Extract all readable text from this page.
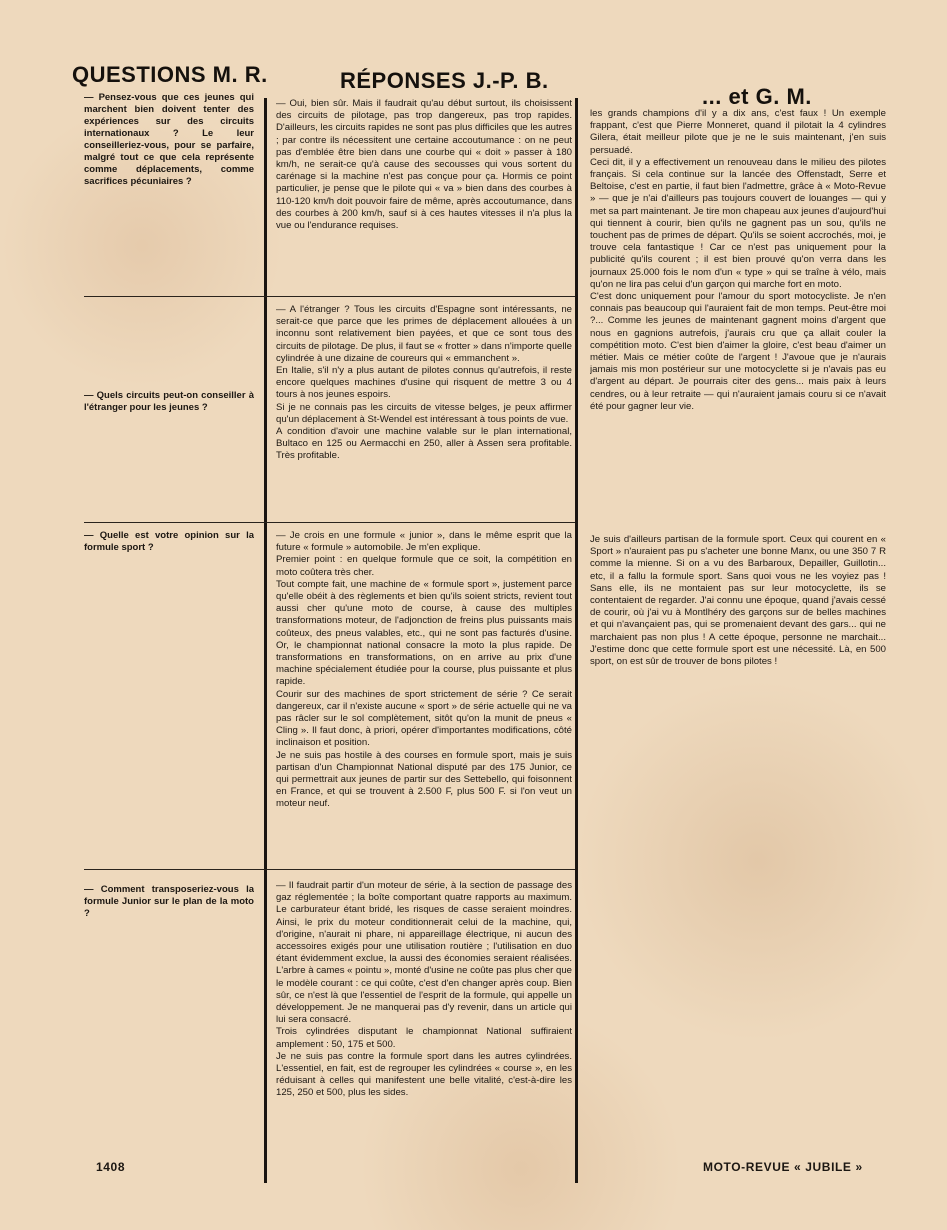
QUESTIONS M. R.	RÉPONSES J.-P. B.
... et G. M.
— Pensez-vous que ces jeunes qui marchent bien doivent tenter des expériences sur des circuits internationaux ? Le leur conseilleriez-vous, pour se parfaire, malgré tout ce que cela représente comme déplacements, comme sacrifices pécuniaires ?
— Quels circuits peut-on conseiller à l'étranger pour les jeunes ?
— Quelle est votre opinion sur la formule sport ?
— Comment transposeriez-vous la formule Junior sur le plan de la moto ?
— Oui, bien sûr. Mais il faudrait qu'au début surtout, ils choisissent des circuits de pilotage, pas trop dangereux, pas trop rapides. D'ailleurs, les circuits rapides ne sont pas plus difficiles que les autres ; par contre ils nécessitent une certaine accoutumance : on ne peut pas d'emblée être bien dans une courbe qui « doit » passer à 180 km/h, ne serait-ce qu'à cause des secousses qui vous sortent du carénage si la machine n'est pas conçue pour ça. Hormis ce point particulier, je pense que le pilote qui « va » bien dans des courbes à 110-120 km/h doit pouvoir faire de même, après accoutumance, dans des courbes à 200 km/h, sauf si à ces hautes vitesses il n'a plus la vue ou l'endurance requises.
— A l'étranger ? Tous les circuits d'Espagne sont intéressants, ne serait-ce que parce que les primes de déplacement allouées à un inconnu sont relativement bien payées, et que ce sont tous des circuits de pilotage. De plus, il faut se « frotter » dans n'importe quelle cylindrée à une dizaine de coureurs qui « emmanchent ».
En Italie, s'il n'y a plus autant de pilotes connus qu'autrefois, il reste encore quelques machines d'usine qui risquent de mettre 3 ou 4 tours à nos jeunes espoirs.
Si je ne connais pas les circuits de vitesse belges, je peux affirmer qu'un déplacement à St-Wendel est intéressant à tous points de vue.
A condition d'avoir une machine valable sur le plan international, Bultaco en 125 ou Aermacchi en 250, aller à Assen sera profitable. Très profitable.
— Je crois en une formule « junior », dans le même esprit que la future « formule » automobile. Je m'en explique.
Premier point : en quelque formule que ce soit, la compétition en moto coûtera très cher.
Tout compte fait, une machine de « formule sport », justement parce qu'elle obéit à des règlements et bien qu'ils soient stricts, revient tout aussi cher qu'une moto de course, à cause des multiples transformations moteur, de l'adjonction de freins plus puissants mais coûteux, des pneus valables, etc., qui ne sont pas facturés d'usine. Or, le championnat national consacre la moto la plus rapide. De transformations en transformations, on en arrive au prix d'une machine spécialement étudiée pour la course, plus puissante et plus rapide.
Courir sur des machines de sport strictement de série ? Ce serait dangereux, car il n'existe aucune « sport » de série actuelle qui ne va pas râcler sur le sol complètement, sitôt qu'on la munit de pneus « Cling ». Il faut donc, à priori, opérer d'importantes modifications, côté inclinaison et position.
Je ne suis pas hostile à des courses en formule sport, mais je suis partisan d'un Championnat National disputé par des 175 Junior, ce qui permettrait aux jeunes de partir sur des Settebello, qui foisonnent en France, et qui se trouvent à 2.500 F, plus 500 F. si l'on veut un moteur neuf.
— Il faudrait partir d'un moteur de série, à la section de passage des gaz réglementée ; la boîte comportant quatre rapports au maximum. Le carburateur étant bridé, les risques de casse seraient moindres. Ainsi, le prix du moteur conditionnerait celui de la machine, qui, d'origine, n'aurait ni phare, ni appareillage électrique, ni aucun des accessoires exigés pour une utilisation routière ; l'utilisation en duo étant évidemment exclue, la aussi des économies seraient réalisées. L'arbre à cames « pointu », monté d'usine ne coûte pas plus cher que le modèle courant : ce qui coûte, c'est d'en changer après coup. Bien sûr, ce n'est là que l'essentiel de l'esprit de la formule, qui appelle un développement. Je ne manquerai pas d'y revenir, dans un article qui lui sera consacré.
Trois cylindrées disputant le championnat National suffiraient amplement : 50, 175 et 500.
Je ne suis pas contre la formule sport dans les autres cylindrées. L'essentiel, en fait, est de regrouper les cylindrées « course », en les réduisant à celles qui manifestent une belle vitalité, c'est-à-dire les 125, 250 et 500, plus les sides.
les grands champions d'il y a dix ans, c'est faux ! Un exemple frappant, c'est que Pierre Monneret, quand il pilotait la 4 cylindres Gilera, était meilleur pilote que je ne le suis maintenant, j'en suis persuadé.
Ceci dit, il y a effectivement un renouveau dans le milieu des pilotes français. Si cela continue sur la lancée des Offenstadt, Serre et Beltoise, c'est en partie, il faut bien l'admettre, grâce à « Moto-Revue » — que je n'ai d'ailleurs pas toujours couvert de louanges — qui y met sa part maintenant. Je tire mon chapeau aux jeunes d'aujourd'hui qui tiennent à courir, bien qu'ils ne gagnent pas un sou, qu'ils ne touchent pas de primes de départ. Qu'ils se soient accrochés, moi, je trouve cela fantastique ! Car ce n'est pas uniquement pour la publicité qu'ils courent ; il est bien prouvé qu'on verra dans les journaux 25.000 fois le nom d'un « type » qui se traîne à vélo, mais qu'on ne lira pas celui d'un garçon qui marche fort en moto.
C'est donc uniquement pour l'amour du sport motocycliste. Je n'en connais pas beaucoup qui l'auraient fait de mon temps. Peut-être moi ?... Comme les jeunes de maintenant gagnent moins d'argent que nous en gagnions autrefois, j'aurais cru que ça allait couler la compétition moto. C'est bien d'aimer la gloire, c'est beau d'aimer un métier. Mais ce métier coûte de l'argent ! J'avoue que je n'aurais jamais mis mon postérieur sur une motocyclette si je n'avais pas eu d'argent au départ. Je pourrais citer des gens... mais paix à leurs cendres, ou à leur retraite — qui n'auraient jamais couru si ce n'avait été pour gagner leur vie.
Je suis d'ailleurs partisan de la formule sport. Ceux qui courent en « Sport » n'auraient pas pu s'acheter une bonne Manx, ou une 350 7 R comme la mienne. Si on a vu des Barbaroux, Depailler, Guillotin... etc, il a fallu la formule sport. Sans quoi vous ne les voyiez pas ! Sans elle, ils ne montaient pas sur leur motocyclette, ils se contentaient de regarder. J'ai connu une époque, quand j'avais cessé de courir, où j'ai vu à Montlhéry des garçons sur de belles machines et qui n'avançaient pas, qui se promenaient devant des gars... qui ne marchaient pas non plus ! A cette époque, personne ne marchait... J'estime donc que cette formule sport est une nécessité. Là, en 500 sport, on est sûr de trouver de bons pilotes !
1408	MOTO-REVUE « JUBILE »
